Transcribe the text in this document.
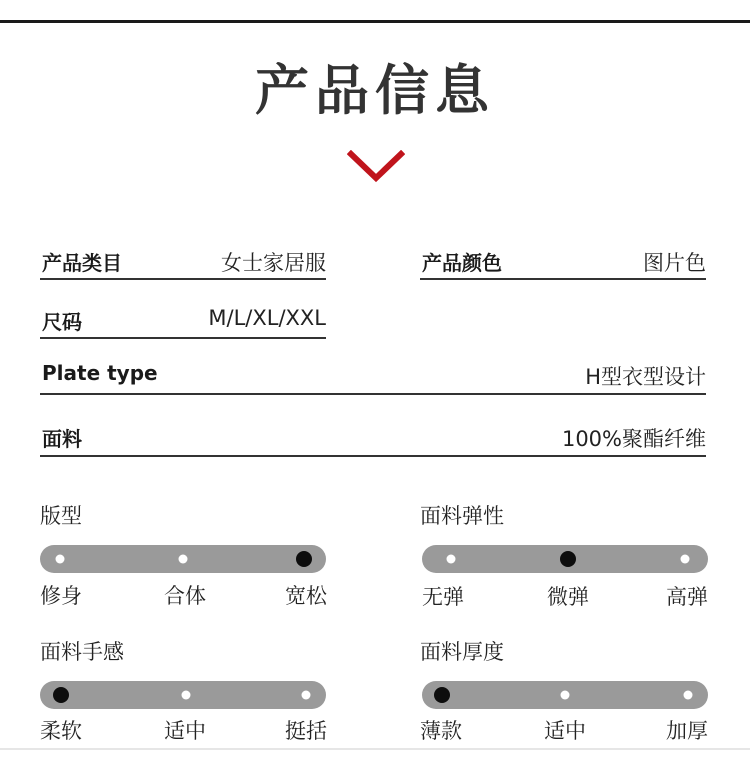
产品信息
产品类目	女士家居服	产品颜色	图片色
尺码	M/L/XL/XXL
Plate type	H型衣型设计
面料	100%聚酯纤维
版型
修身	合体	宽松
面料弹性
无弹	微弹	高弹
面料手感
柔软	适中	挺括
面料厚度
薄款	适中	加厚
